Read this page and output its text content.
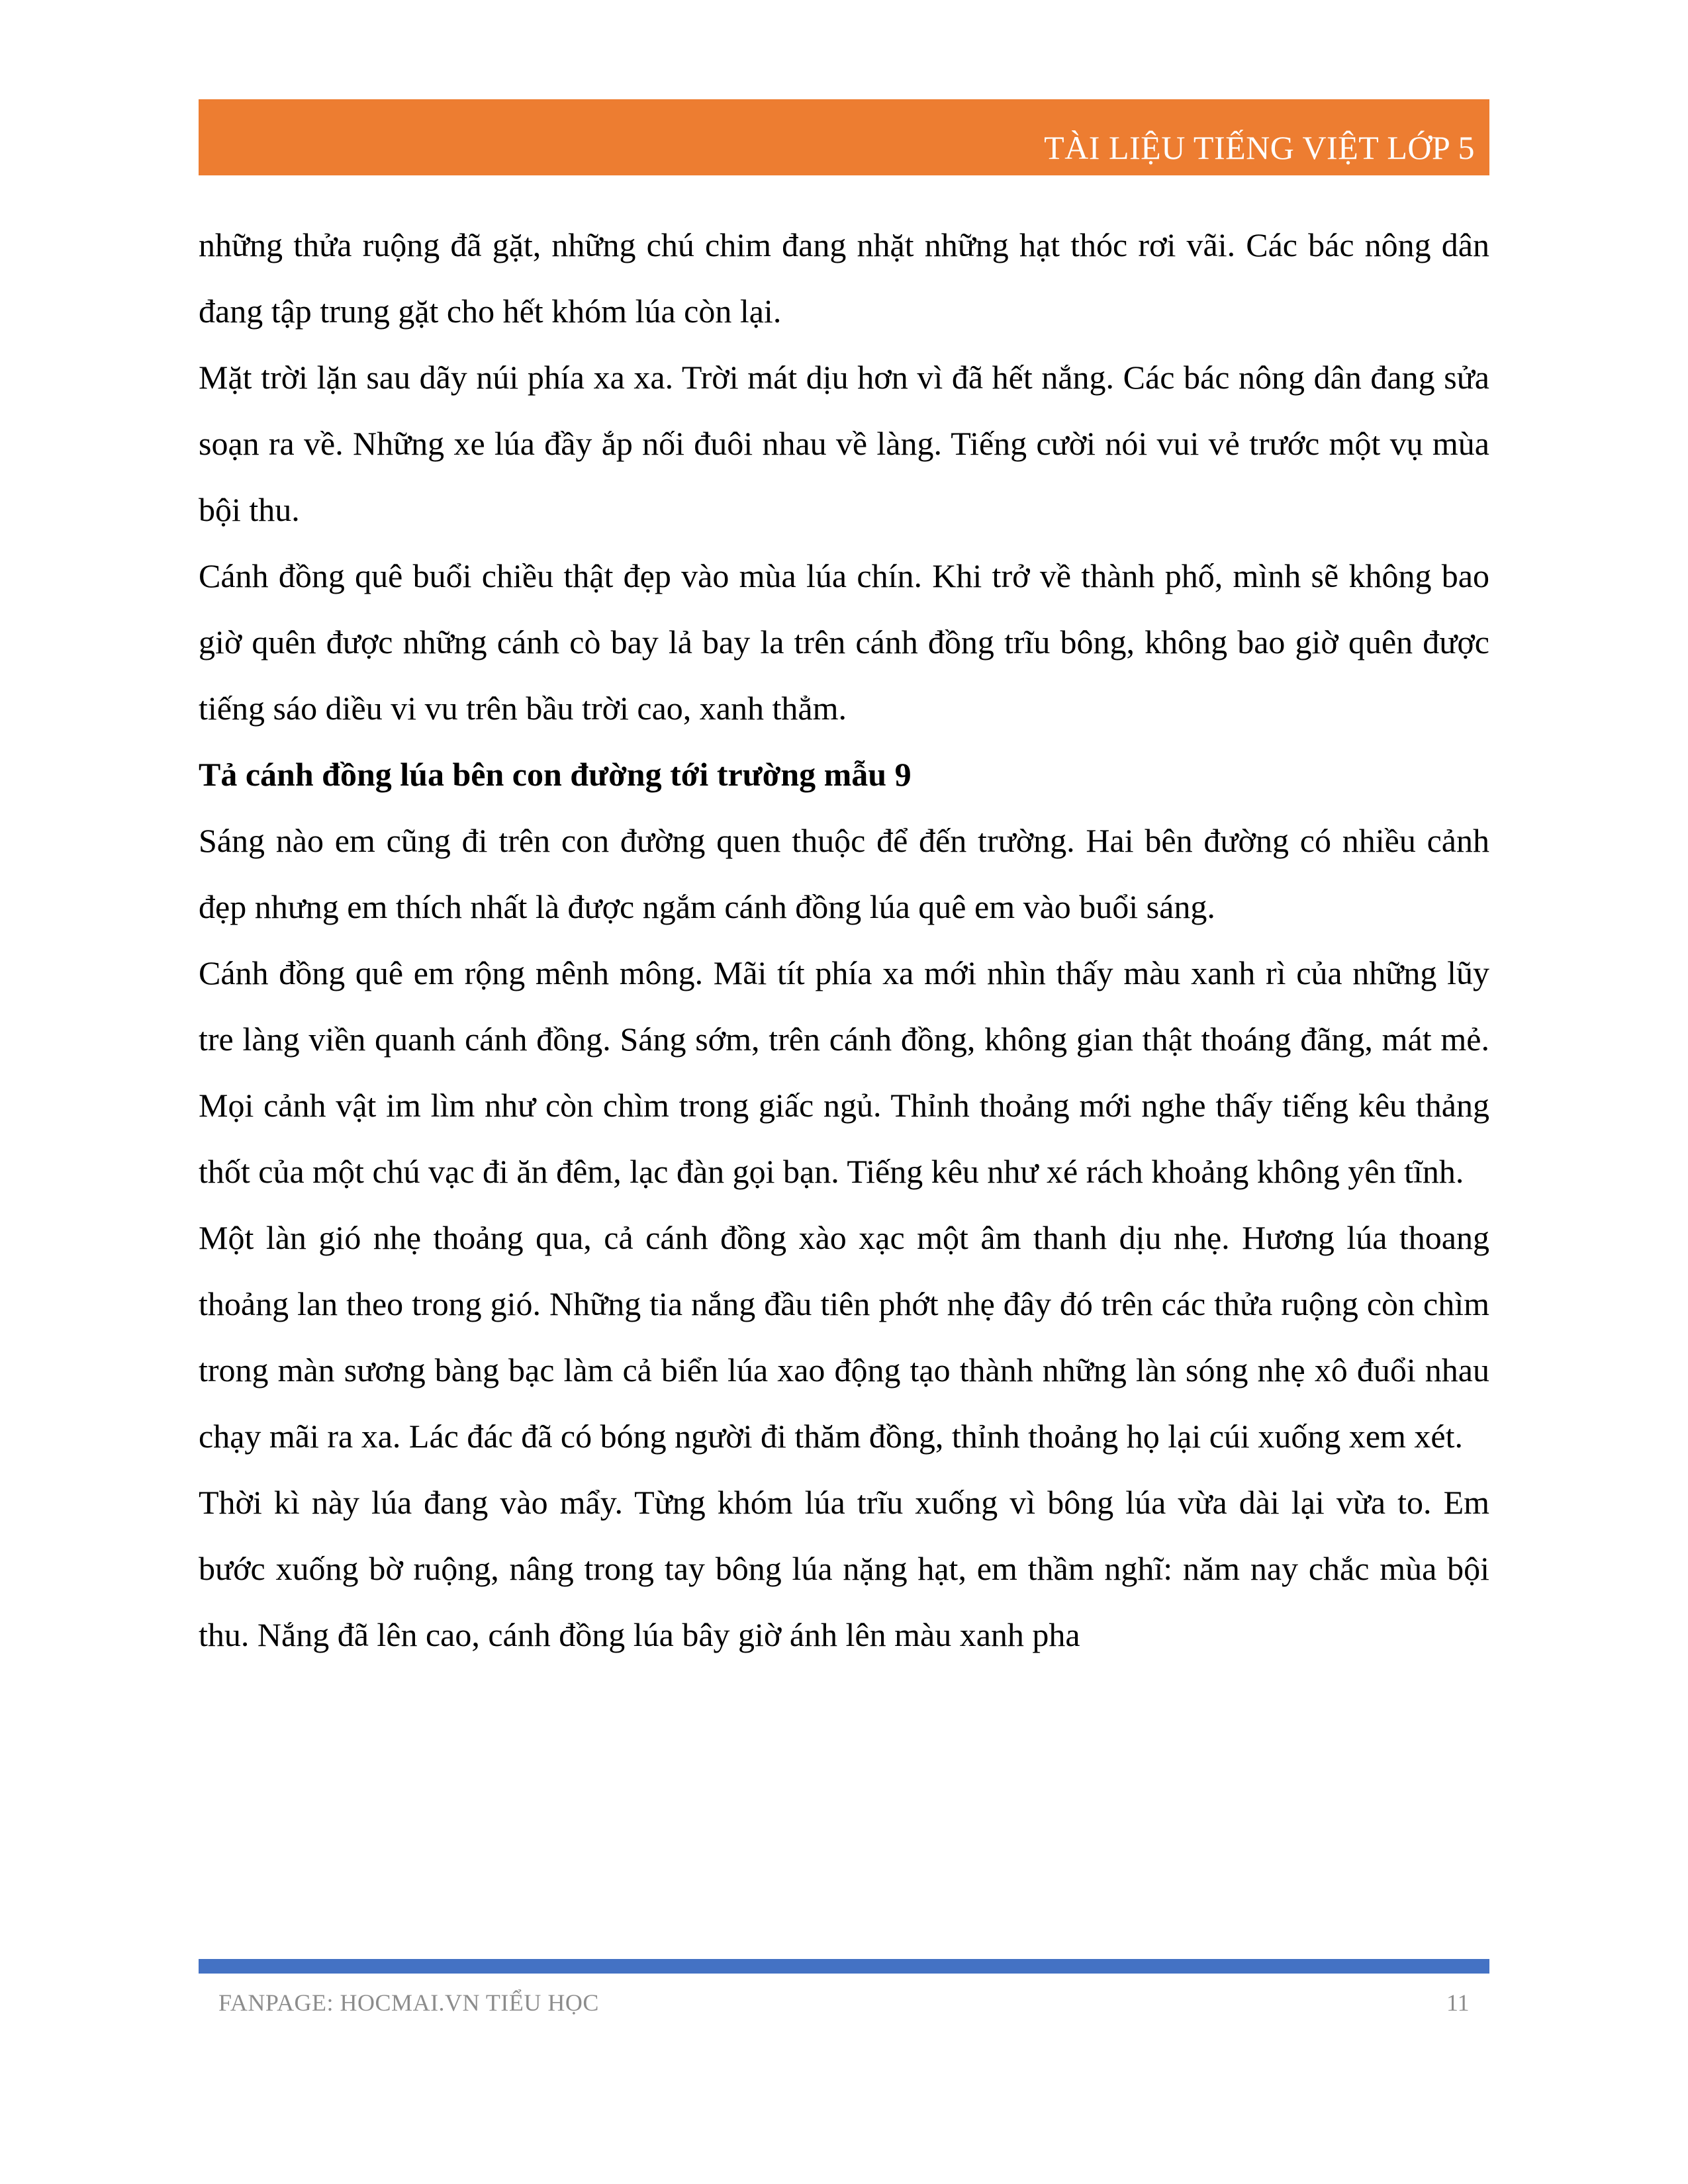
TÀI LIỆU TIẾNG VIỆT LỚP 5

những thửa ruộng đã gặt, những chú chim đang nhặt những hạt thóc rơi vãi. Các bác nông dân đang tập trung gặt cho hết khóm lúa còn lại.

Mặt trời lặn sau dãy núi phía xa xa. Trời mát dịu hơn vì đã hết nắng. Các bác nông dân đang sửa soạn ra về. Những xe lúa đầy ắp nối đuôi nhau về làng. Tiếng cười nói vui vẻ trước một vụ mùa bội thu.

Cánh đồng quê buổi chiều thật đẹp vào mùa lúa chín. Khi trở về thành phố, mình sẽ không bao giờ quên được những cánh cò bay lả bay la trên cánh đồng trĩu bông, không bao giờ quên được tiếng sáo diều vi vu trên bầu trời cao, xanh thẳm.

Tả cánh đồng lúa bên con đường tới trường mẫu 9

Sáng nào em cũng đi trên con đường quen thuộc để đến trường. Hai bên đường có nhiều cảnh đẹp nhưng em thích nhất là được ngắm cánh đồng lúa quê em vào buổi sáng.

Cánh đồng quê em rộng mênh mông. Mãi tít phía xa mới nhìn thấy màu xanh rì của những lũy tre làng viền quanh cánh đồng. Sáng sớm, trên cánh đồng, không gian thật thoáng đãng, mát mẻ. Mọi cảnh vật im lìm như còn chìm trong giấc ngủ. Thỉnh thoảng mới nghe thấy tiếng kêu thảng thốt của một chú vạc đi ăn đêm, lạc đàn gọi bạn. Tiếng kêu như xé rách khoảng không yên tĩnh.

Một làn gió nhẹ thoảng qua, cả cánh đồng xào xạc một âm thanh dịu nhẹ. Hương lúa thoang thoảng lan theo trong gió. Những tia nắng đầu tiên phớt nhẹ đây đó trên các thửa ruộng còn chìm trong màn sương bàng bạc làm cả biển lúa xao động tạo thành những làn sóng nhẹ xô đuổi nhau chạy mãi ra xa. Lác đác đã có bóng người đi thăm đồng, thỉnh thoảng họ lại cúi xuống xem xét.

Thời kì này lúa đang vào mẩy. Từng khóm lúa trĩu xuống vì bông lúa vừa dài lại vừa to. Em bước xuống bờ ruộng, nâng trong tay bông lúa nặng hạt, em thầm nghĩ: năm nay chắc mùa bội thu. Nắng đã lên cao, cánh đồng lúa bây giờ ánh lên màu xanh pha

FANPAGE: HOCMAI.VN TIỂU HỌC	11
